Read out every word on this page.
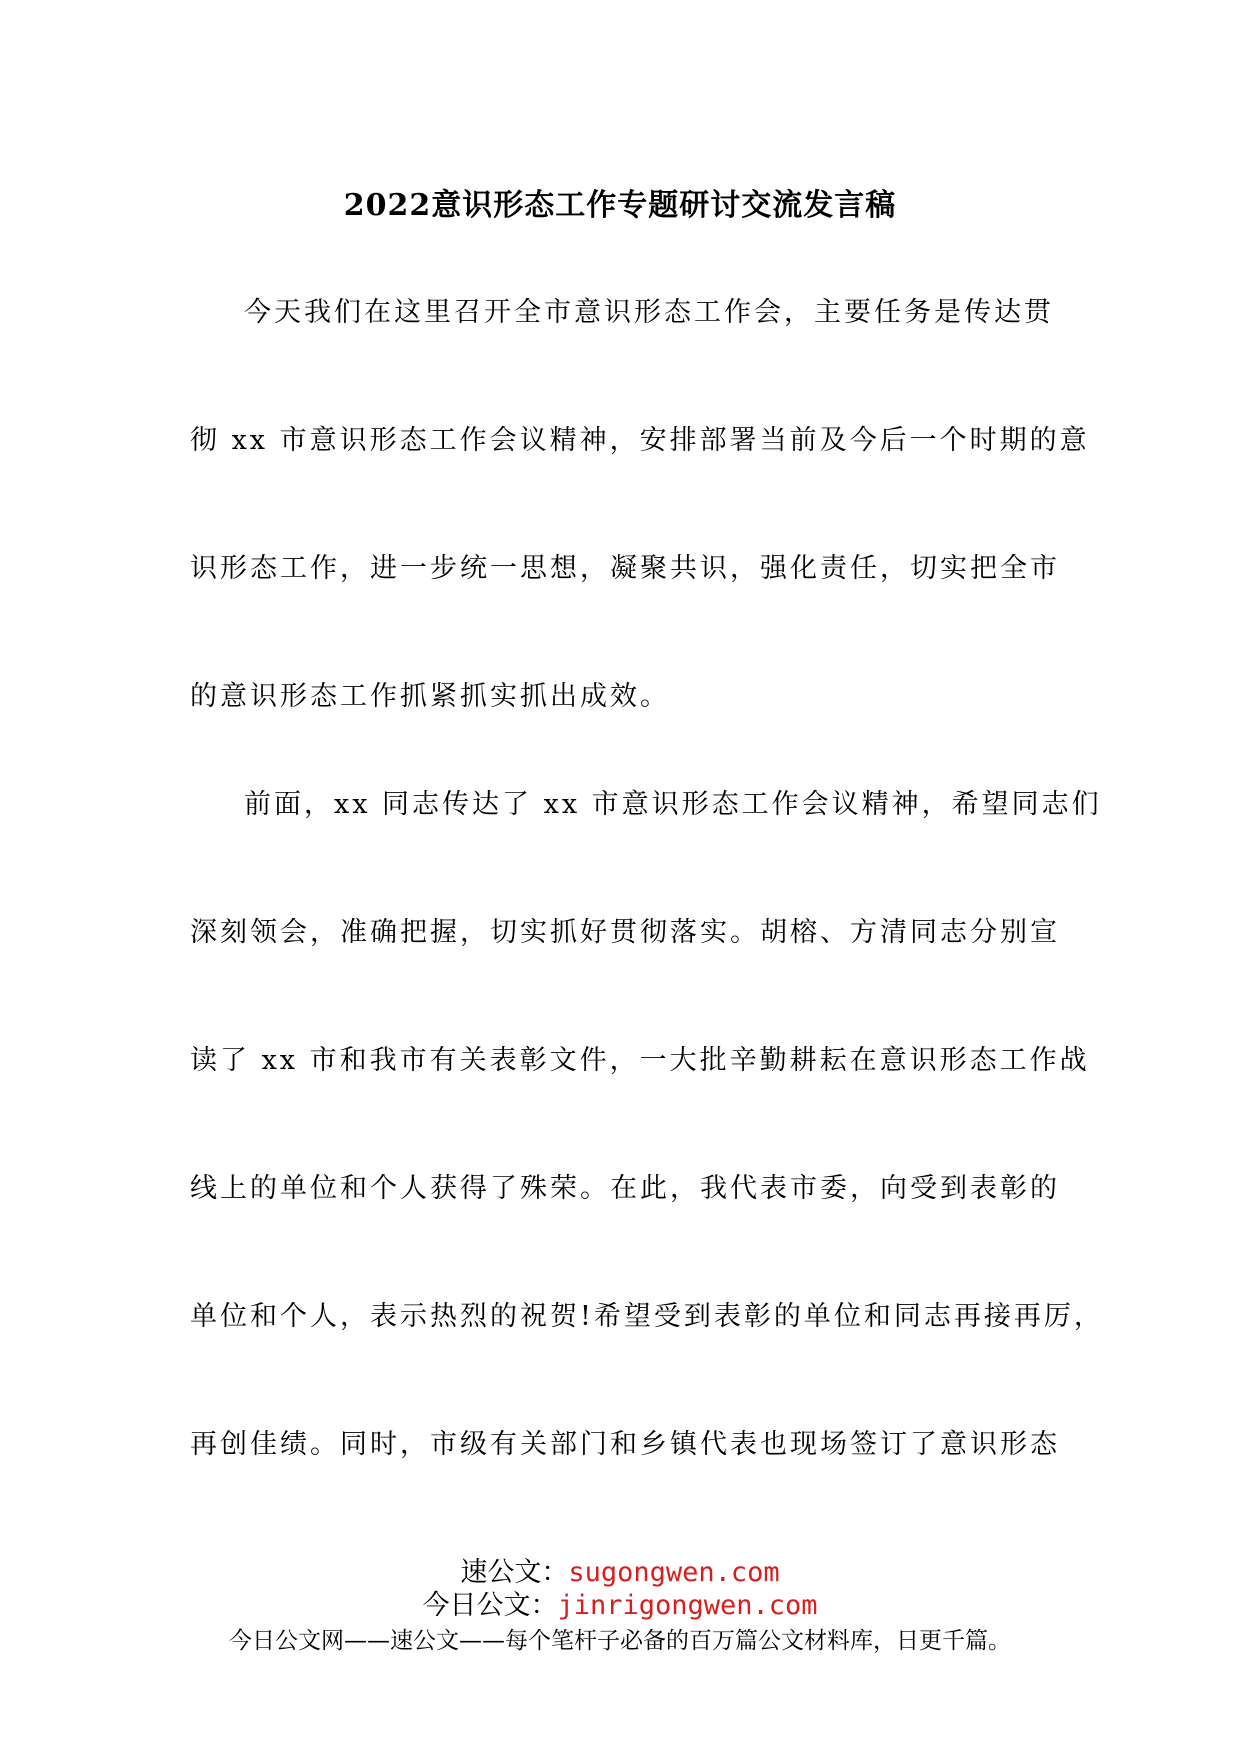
2022意识形态工作专题研讨交流发言稿
今天我们在这里召开全市意识形态工作会，主要任务是传达贯
彻 xx 市意识形态工作会议精神，安排部署当前及今后一个时期的意
识形态工作，进一步统一思想，凝聚共识，强化责任，切实把全市
的意识形态工作抓紧抓实抓出成效。
前面，xx 同志传达了 xx 市意识形态工作会议精神，希望同志们
深刻领会，准确把握，切实抓好贯彻落实。胡榕、方清同志分别宣
读了 xx 市和我市有关表彰文件，一大批辛勤耕耘在意识形态工作战
线上的单位和个人获得了殊荣。在此，我代表市委，向受到表彰的
单位和个人，表示热烈的祝贺!希望受到表彰的单位和同志再接再厉，
再创佳绩。同时，市级有关部门和乡镇代表也现场签订了意识形态
速公文：sugongwen.com
今日公文：jinrigongwen.com
今日公文网——速公文——每个笔杆子必备的百万篇公文材料库，日更千篇。
